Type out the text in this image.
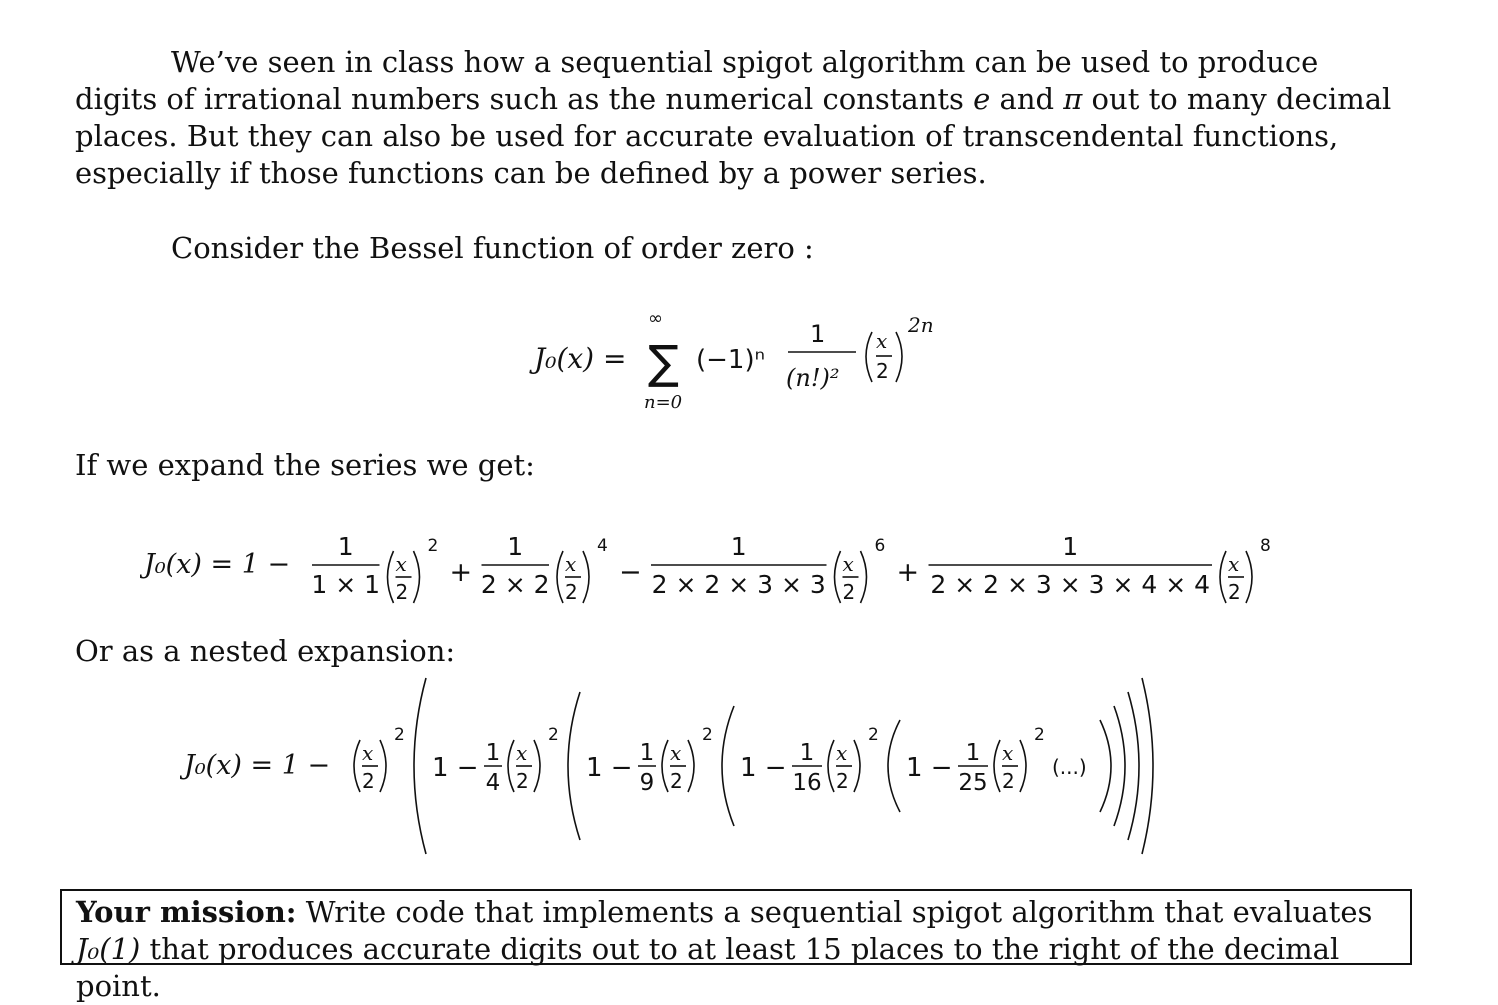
We’ve seen in class how a sequential spigot algorithm can be used to produce digits of irrational numbers such as the numerical constants e and π out to many decimal places. But they can also be used for accurate evaluation of transcendental functions, especially if those functions can be defined by a power series.
Consider the Bessel function of order zero :
J₀(x) =
∞
∑
n=0
(−1)ⁿ
1
(n!)²
x
2
2n
If we expand the series we get:
J₀(x) = 1 −
1
1 × 1
x
2
2
+
1
2 × 2
x
2
4
−
1
2 × 2 × 3 × 3
x
2
6
+
1
2 × 2 × 3 × 3 × 4 × 4
x
2
8
Or as a nested expansion:
J₀(x) = 1 − x
2
2
1 − 1
4
x
2
2
1 − 1
9
x
2
2
1 − 1
16
x
2
2
1 − 1
25
x
2
2
(...)
Your mission: Write code that implements a sequential spigot algorithm that evaluates J₀(1) that produces accurate digits out to at least 15 places to the right of the decimal point.
